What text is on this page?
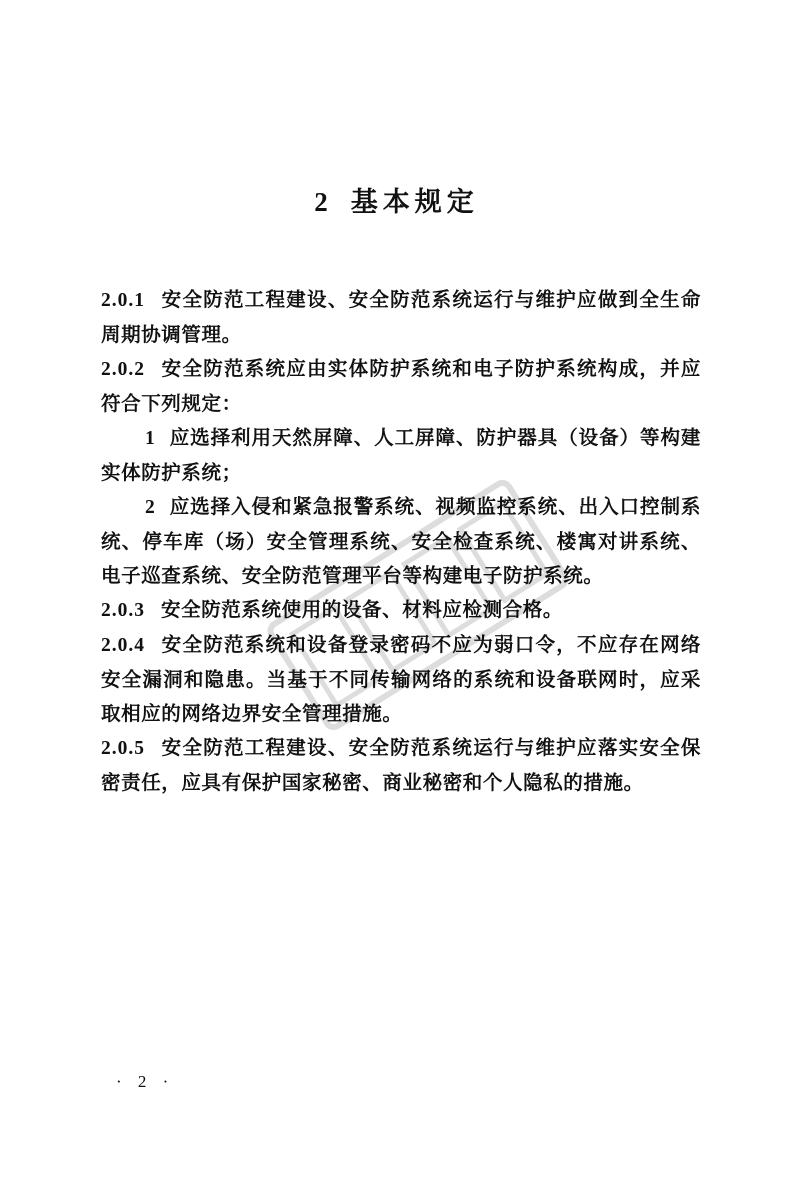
2 基本规定

2.0.1 安全防范工程建设、安全防范系统运行与维护应做到全生命周期协调管理。

2.0.2 安全防范系统应由实体防护系统和电子防护系统构成，并应符合下列规定：

1 应选择利用天然屏障、人工屏障、防护器具（设备）等构建实体防护系统；

2 应选择入侵和紧急报警系统、视频监控系统、出入口控制系统、停车库（场）安全管理系统、安全检查系统、楼寓对讲系统、电子巡查系统、安全防范管理平台等构建电子防护系统。

2.0.3 安全防范系统使用的设备、材料应检测合格。

2.0.4 安全防范系统和设备登录密码不应为弱口令，不应存在网络安全漏洞和隐患。当基于不同传输网络的系统和设备联网时，应采取相应的网络边界安全管理措施。

2.0.5 安全防范工程建设、安全防范系统运行与维护应落实安全保密责任，应具有保护国家秘密、商业秘密和个人隐私的措施。

· 2 ·
